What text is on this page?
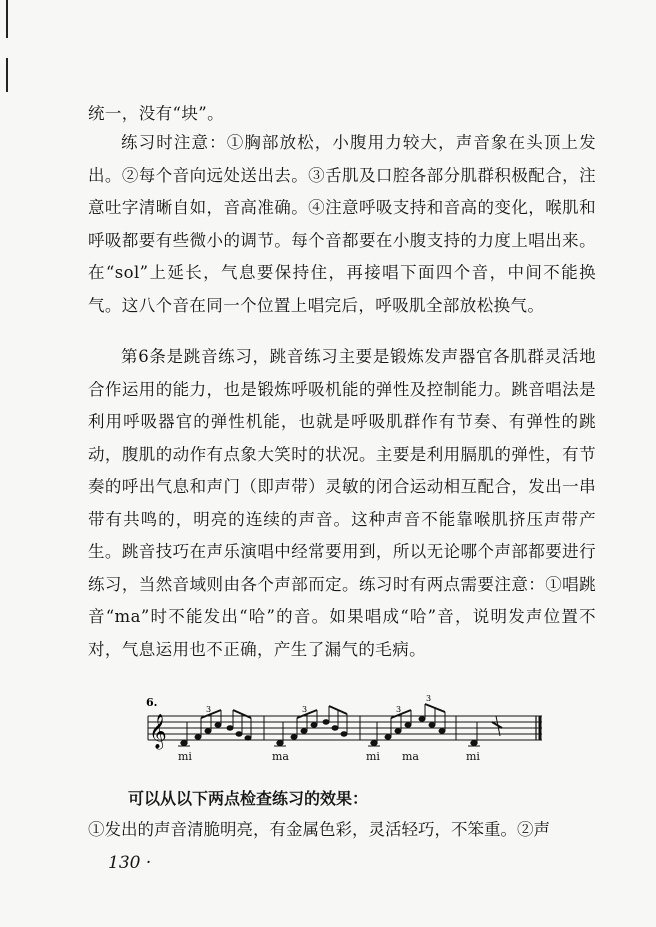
统一，没有“块”。

练习时注意：①胸部放松，小腹用力较大，声音象在头顶上发出。②每个音向远处送出去。③舌肌及口腔各部分肌群积极配合，注意吐字清晰自如，音高准确。④注意呼吸支持和音高的变化，喉肌和呼吸都要有些微小的调节。每个音都要在小腹支持的力度上唱出来。在“sol”上延长，气息要保持住，再接唱下面四个音，中间不能换气。这八个音在同一个位置上唱完后，呼吸肌全部放松换气。

第6条是跳音练习，跳音练习主要是锻炼发声器官各肌群灵活地合作运用的能力，也是锻炼呼吸机能的弹性及控制能力。跳音唱法是利用呼吸器官的弹性机能，也就是呼吸肌群作有节奏、有弹性的跳动，腹肌的动作有点象大笑时的状况。主要是利用膈肌的弹性，有节奏的呼出气息和声门（即声带）灵敏的闭合运动相互配合，发出一串带有共鸣的，明亮的连续的声音。这种声音不能靠喉肌挤压声带产生。跳音技巧在声乐演唱中经常要用到，所以无论哪个声部都要进行练习，当然音域则由各个声部而定。练习时有两点需要注意：①唱跳音“ma”时不能发出“哈”的音。如果唱成“哈”音，说明发声位置不对，气息运用也不正确，产生了漏气的毛病。

6.
𝄞
3	3	3
3
mi	ma	mi ma	mi

可以从以下两点检查练习的效果：

①发出的声音清脆明亮，有金属色彩，灵活轻巧，不笨重。②声

130 ·
